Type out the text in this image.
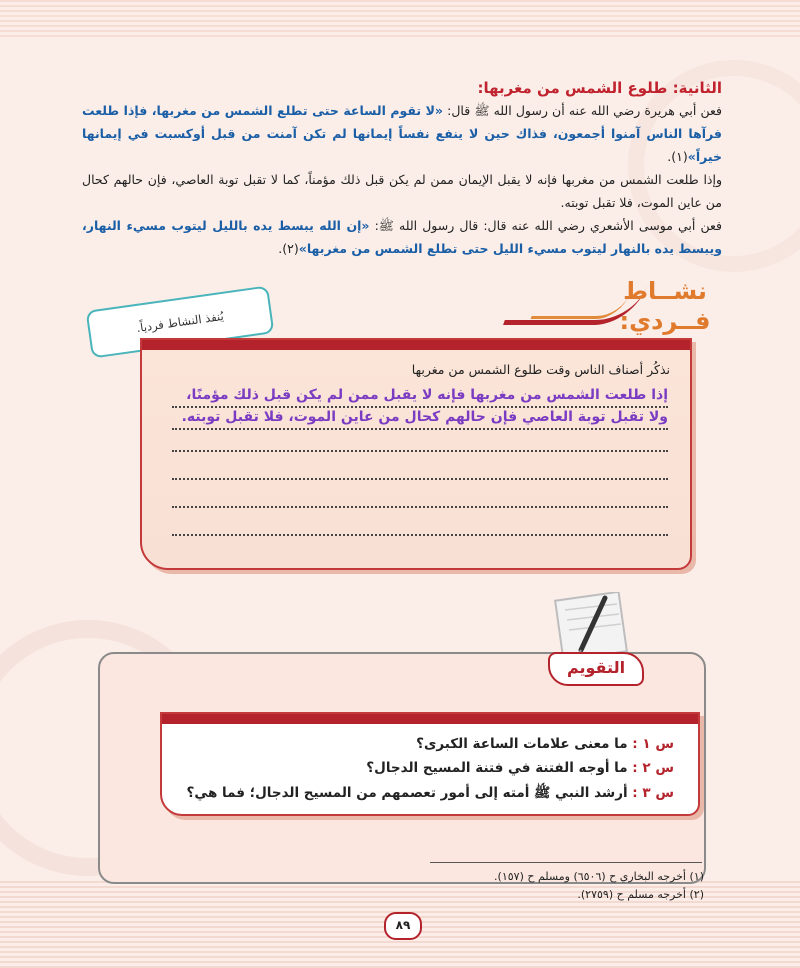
الثانية: طلوع الشمس من مغربها:
فعن أبي هريرة رضي الله عنه أن رسول الله ﷺ قال: «لا تقوم الساعة حتى تطلع الشمس من مغربها، فإذا طلعت فرآها الناس آمنوا أجمعون، فذاك حين لا ينفع نفساً إيمانها لم تكن آمنت من قبل أوكسبت في إيمانها خيراً»(١).
وإذا طلعت الشمس من مغربها فإنه لا يقبل الإيمان ممن لم يكن قبل ذلك مؤمناً، كما لا تقبل توبة العاصي، فإن حالهم كحال من عاين الموت، فلا تقبل توبته.
فعن أبي موسى الأشعري رضي الله عنه قال: قال رسول الله ﷺ: «إن الله يبسط يده بالليل ليتوب مسيء النهار، ويبسط يده بالنهار ليتوب مسيء الليل حتى تطلع الشمس من مغربها»(٢).
نشــاط
فــردي:
يُنفذ النشاط فردياً.
نذكُر أصناف الناس وقت طلوع الشمس من مغربها
إذا طلعت الشمس من مغربها فإنه لا يقبل ممن لم يكن قبل ذلك مؤمنًا، ولا تقبل توبة العاصي فإن حالهم كحال من عاين الموت، فلا تقبل توبته.
التقويم
س ١ : ما معنى علامات الساعة الكبرى؟
س ٢ : ما أوجه الفتنة في فتنة المسيح الدجال؟
س ٣ : أرشد النبي ﷺ أمته إلى أمور تعصمهم من المسيح الدجال؛ فما هي؟
(١) أخرجه البخاري ح (٦٥٠٦) ومسلم ح (١٥٧).
(٢) أخرجه مسلم ح (٢٧٥٩).
٨٩
